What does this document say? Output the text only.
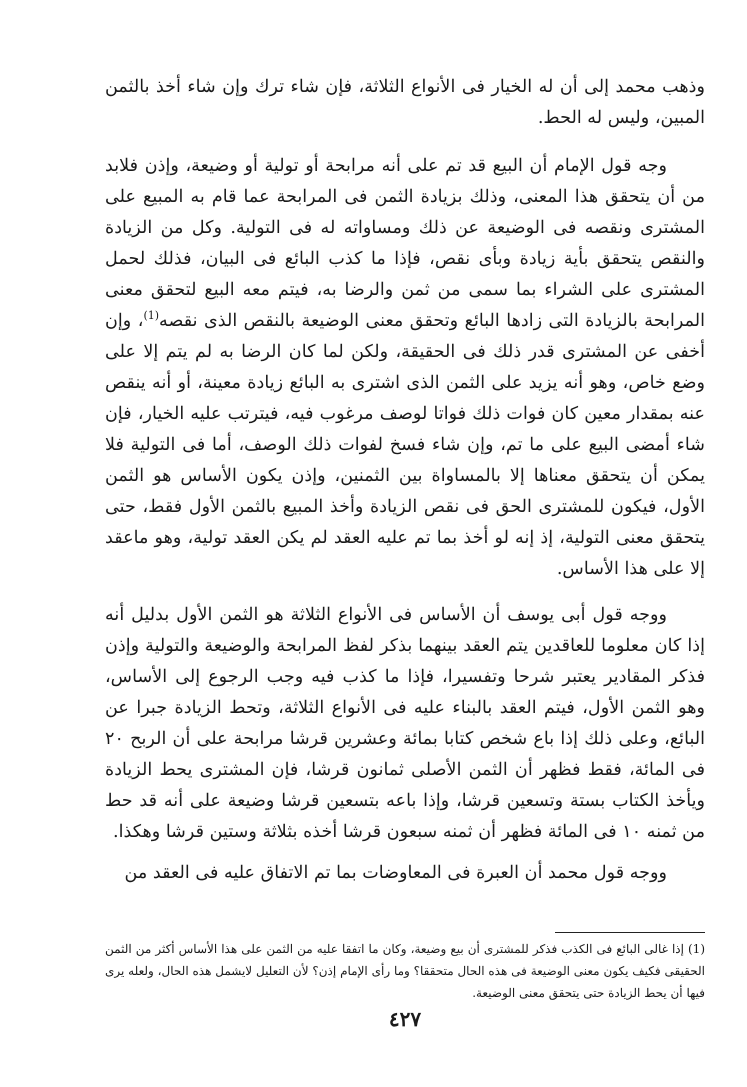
وذهب محمد إلى أن له الخيار فى الأنواع الثلاثة، فإن شاء ترك وإن شاء أخذ بالثمن المبين، وليس له الحط.

وجه قول الإمام أن البيع قد تم على أنه مرابحة أو تولية أو وضيعة، وإذن فلابد من أن يتحقق هذا المعنى، وذلك بزيادة الثمن فى المرابحة عما قام به المبيع على المشترى ونقصه فى الوضيعة عن ذلك ومساواته له فى التولية. وكل من الزيادة والنقص يتحقق بأية زيادة وبأى نقص، فإذا ما كذب البائع فى البيان، فذلك لحمل المشترى على الشراء بما سمى من ثمن والرضا به، فيتم معه البيع لتحقق معنى المرابحة بالزيادة التى زادها البائع وتحقق معنى الوضيعة بالنقص الذى نقصه$^{(1)}$، وإن أخفى عن المشترى قدر ذلك فى الحقيقة، ولكن لما كان الرضا به لم يتم إلا على وضع خاص، وهو أنه يزيد على الثمن الذى اشترى به البائع زيادة معينة، أو أنه ينقص عنه بمقدار معين كان فوات ذلك فواتا لوصف مرغوب فيه، فيترتب عليه الخيار، فإن شاء أمضى البيع على ما تم، وإن شاء فسخ لفوات ذلك الوصف، أما فى التولية فلا يمكن أن يتحقق معناها إلا بالمساواة بين الثمنين، وإذن يكون الأساس هو الثمن الأول، فيكون للمشترى الحق فى نقص الزيادة وأخذ المبيع بالثمن الأول فقط، حتى يتحقق معنى التولية، إذ إنه لو أخذ بما تم عليه العقد لم يكن العقد تولية، وهو ماعقد إلا على هذا الأساس.

ووجه قول أبى يوسف أن الأساس فى الأنواع الثلاثة هو الثمن الأول بدليل أنه إذا كان معلوما للعاقدين يتم العقد بينهما بذكر لفظ المرابحة والوضيعة والتولية وإذن فذكر المقادير يعتبر شرحا وتفسيرا، فإذا ما كذب فيه وجب الرجوع إلى الأساس، وهو الثمن الأول، فيتم العقد بالبناء عليه فى الأنواع الثلاثة، وتحط الزيادة جبرا عن البائع، وعلى ذلك إذا باع شخص كتابا بمائة وعشرين قرشا مرابحة على أن الربح ٢٠ فى المائة، فقط فظهر أن الثمن الأصلى ثمانون قرشا، فإن المشترى يحط الزيادة ويأخذ الكتاب بستة وتسعين قرشا، وإذا باعه بتسعين قرشا وضيعة على أنه قد حط من ثمنه ١٠ فى المائة فظهر أن ثمنه سبعون قرشا أخذه بثلاثة وستين قرشا وهكذا.

ووجه قول محمد أن العبرة فى المعاوضات بما تم الاتفاق عليه فى العقد من

(1) إذا غالى البائع فى الكذب فذكر للمشترى أن بيع وضيعة، وكان ما اتفقا عليه من الثمن على هذا الأساس أكثر من الثمن الحقيقى فكيف يكون معنى الوضيعة فى هذه الحال متحققا؟ وما رأى الإمام إذن؟ لأن التعليل لايشمل هذه الحال، ولعله يرى فيها أن يحط الزيادة حتى يتحقق معنى الوضيعة.

٤٢٧
